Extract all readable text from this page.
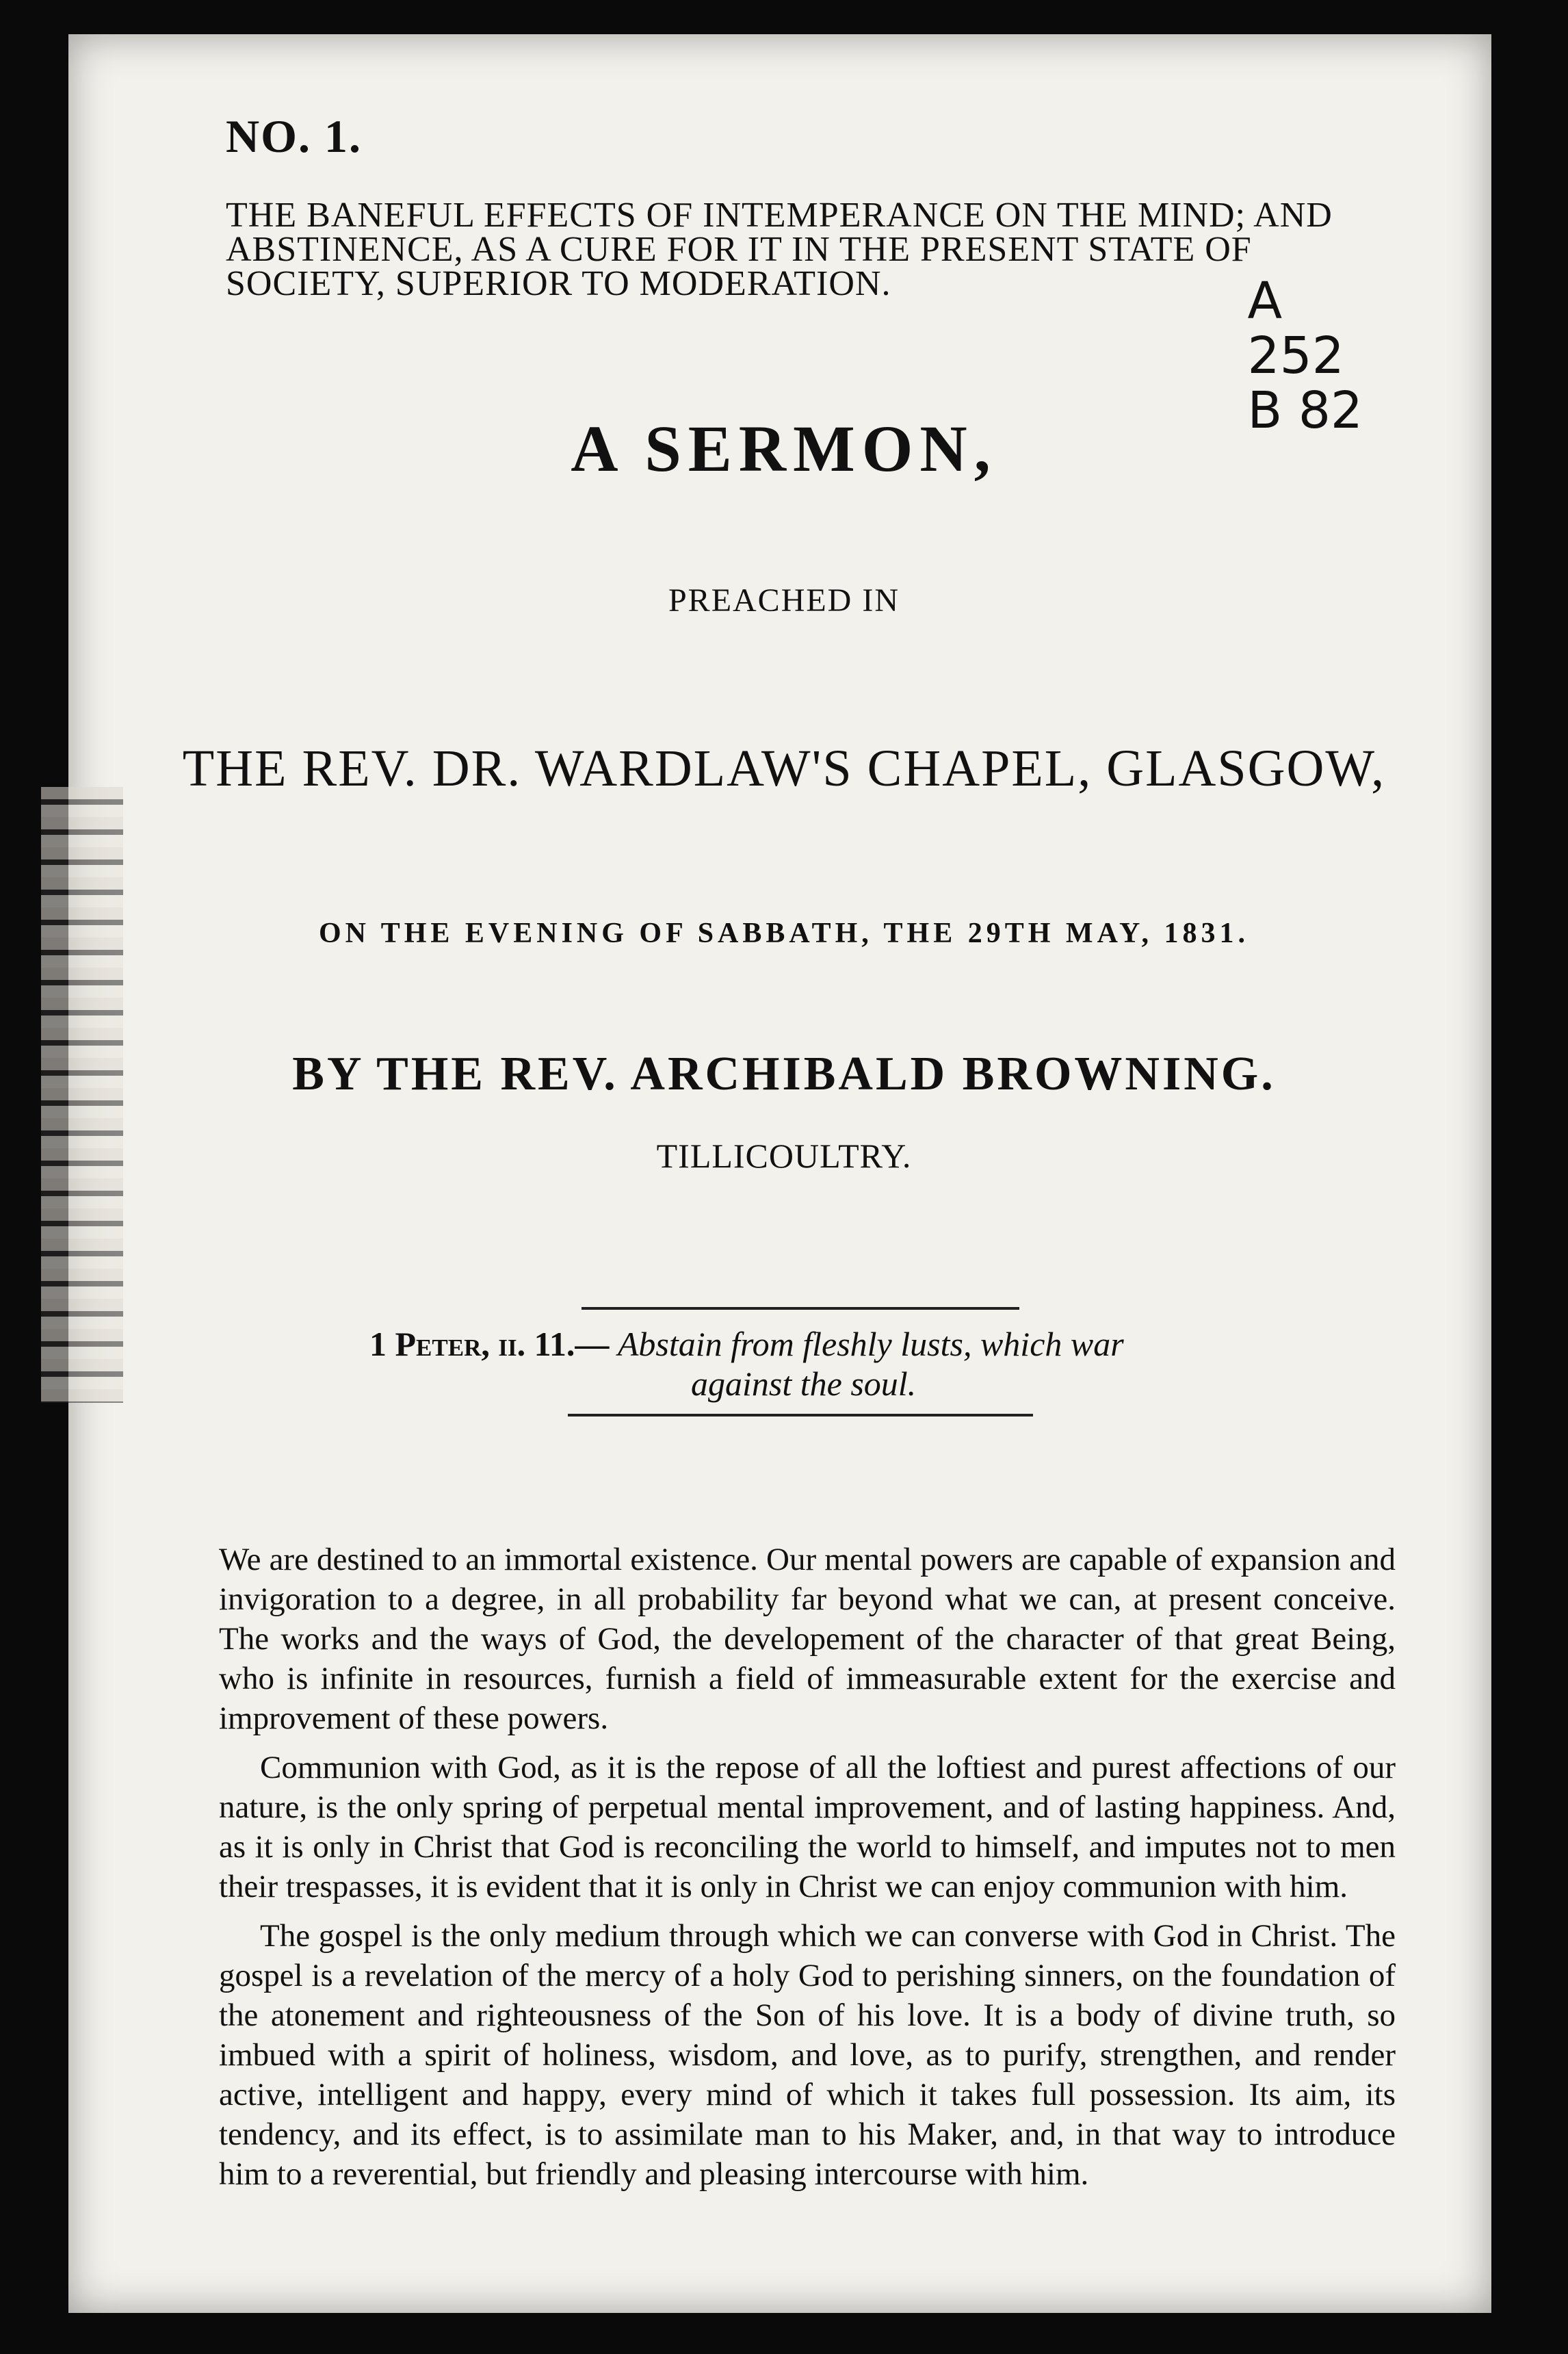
NO. 1.
THE BANEFUL EFFECTS OF INTEMPERANCE ON THE MIND; AND ABSTINENCE, AS A CURE FOR IT IN THE PRESENT STATE OF SOCIETY, SUPERIOR TO MODERATION.	A
252
B 82
A SERMON,
PREACHED IN
THE REV. DR. WARDLAW'S CHAPEL, GLASGOW,
ON THE EVENING OF SABBATH, THE 29TH MAY, 1831.
BY THE REV. ARCHIBALD BROWNING.
TILLICOULTRY.
1 Peter, ii. 11.— Abstain from fleshly lusts, which war
against the soul.

We are destined to an immortal existence. Our mental powers are capable of expansion and invigoration to a degree, in all probability far beyond what we can, at present conceive. The works and the ways of God, the developement of the character of that great Being, who is infinite in resources, furnish a field of immeasurable extent for the exercise and improvement of these powers.

Communion with God, as it is the repose of all the loftiest and purest affections of our nature, is the only spring of perpetual mental improvement, and of lasting happiness. And, as it is only in Christ that God is reconciling the world to himself, and imputes not to men their trespasses, it is evident that it is only in Christ we can enjoy communion with him.

The gospel is the only medium through which we can converse with God in Christ. The gospel is a revelation of the mercy of a holy God to perishing sinners, on the foundation of the atonement and righteousness of the Son of his love. It is a body of divine truth, so imbued with a spirit of holiness, wisdom, and love, as to purify, strengthen, and render active, intelligent and happy, every mind of which it takes full possession. Its aim, its tendency, and its effect, is to assimilate man to his Maker, and, in that way to introduce him to a reverential, but friendly and pleasing intercourse with him.
